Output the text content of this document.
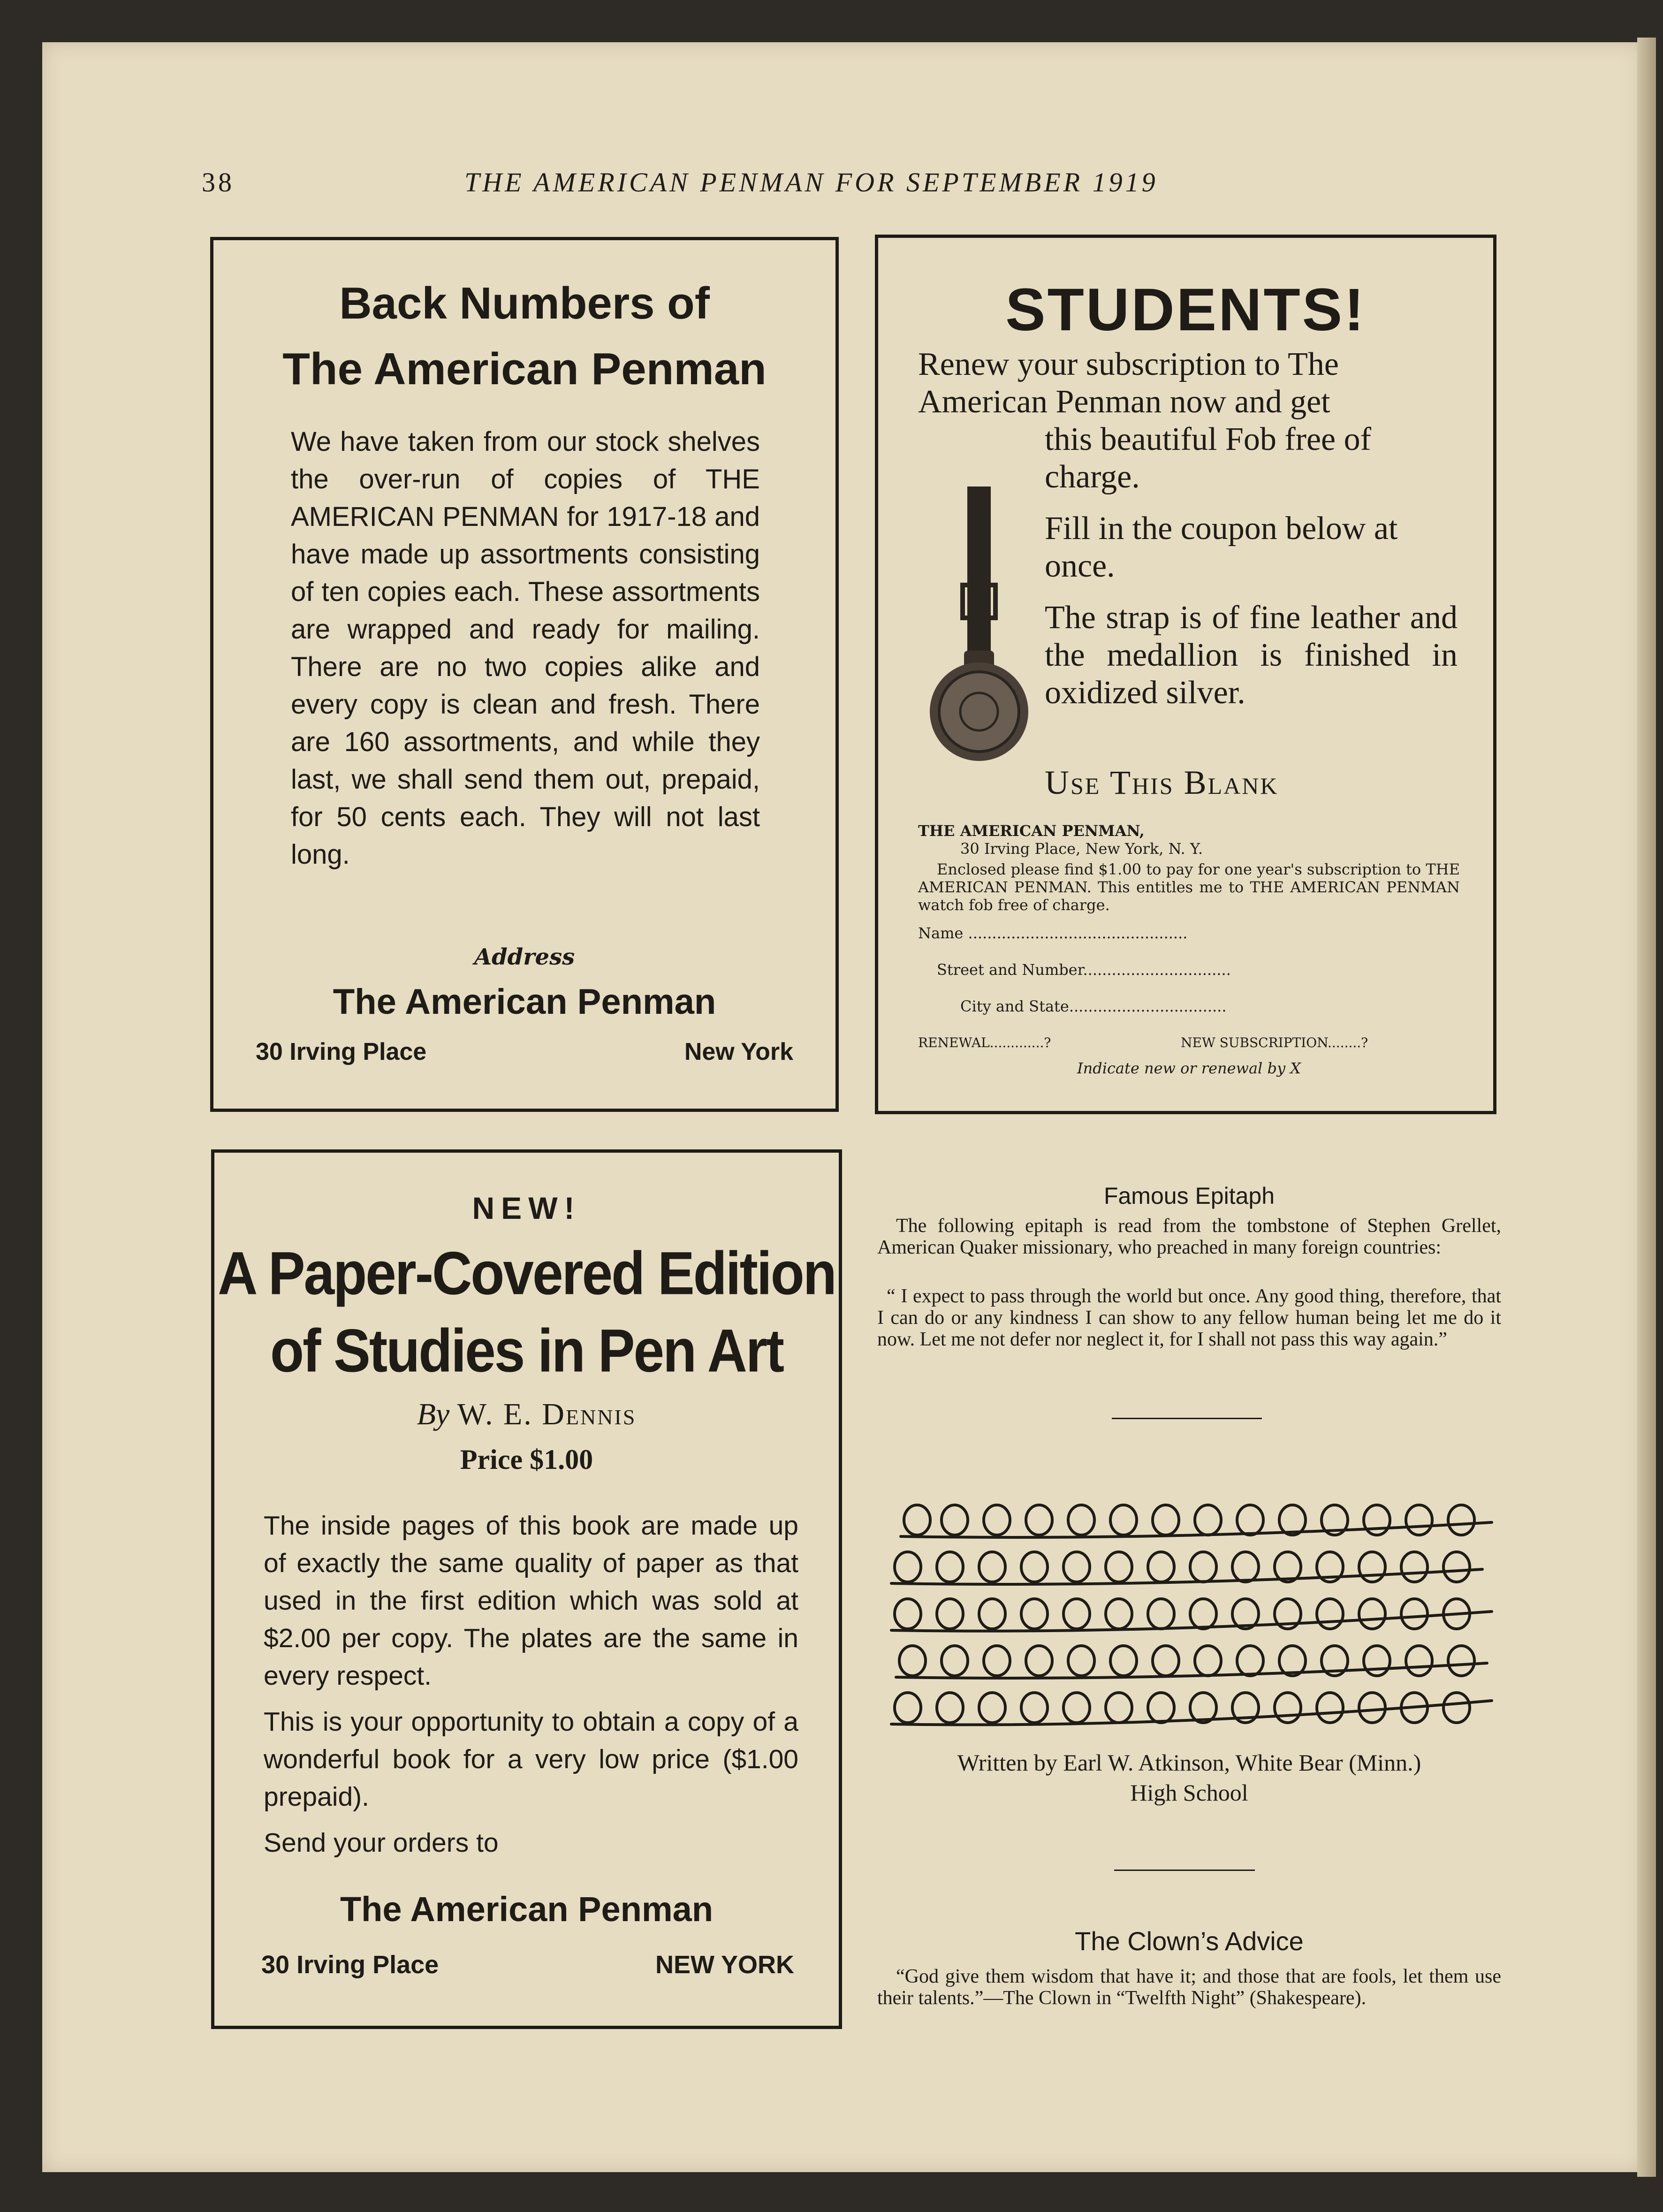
38	THE AMERICAN PENMAN FOR SEPTEMBER 1919
Back Numbers of
The American Penman
We have taken from our stock shelves the over-run of copies of THE AMERICAN PENMAN for 1917-18 and have made up assortments consisting of ten copies each. These assortments are wrapped and ready for mailing. There are no two copies alike and every copy is clean and fresh. There are 160 assortments, and while they last, we shall send them out, prepaid, for 50 cents each. They will not last long.
Address
The American Penman
30 Irving Place	New York
STUDENTS!
Renew your subscription to The
American Penman now and get
this beautiful Fob free of charge.
Fill in the coupon below at once.
The strap is of fine leather and the medallion is finished in oxidized silver.
Use This Blank
THE AMERICAN PENMAN,
30 Irving Place, New York, N. Y.
Enclosed please find $1.00 to pay for one year's subscription to THE AMERICAN PENMAN. This entitles me to THE AMERICAN PENMAN watch fob free of charge.
Name ..............................................
Street and Number...............................
City and State.................................
RENEWAL.............?	NEW SUBSCRIPTION........?
Indicate new or renewal by X
NEW!
A Paper-Covered Edition
of Studies in Pen Art
By W. E. Dennis
Price $1.00

The inside pages of this book are made up of exactly the same quality of paper as that used in the first edition which was sold at $2.00 per copy. The plates are the same in every respect.

This is your opportunity to obtain a copy of a wonderful book for a very low price ($1.00 prepaid).

Send your orders to

The American Penman
30 Irving Place	NEW YORK
Famous Epitaph
The following epitaph is read from the tombstone of Stephen Grellet, American Quaker missionary, who preached in many foreign countries:
“ I expect to pass through the world but once. Any good thing, therefore, that I can do or any kindness I can show to any fellow human being let me do it now. Let me not defer nor neglect it, for I shall not pass this way again.”
Written by Earl W. Atkinson, White Bear (Minn.)
High School
The Clown’s Advice
“God give them wisdom that have it; and those that are fools, let them use their talents.”—The Clown in “Twelfth Night” (Shakespeare).
